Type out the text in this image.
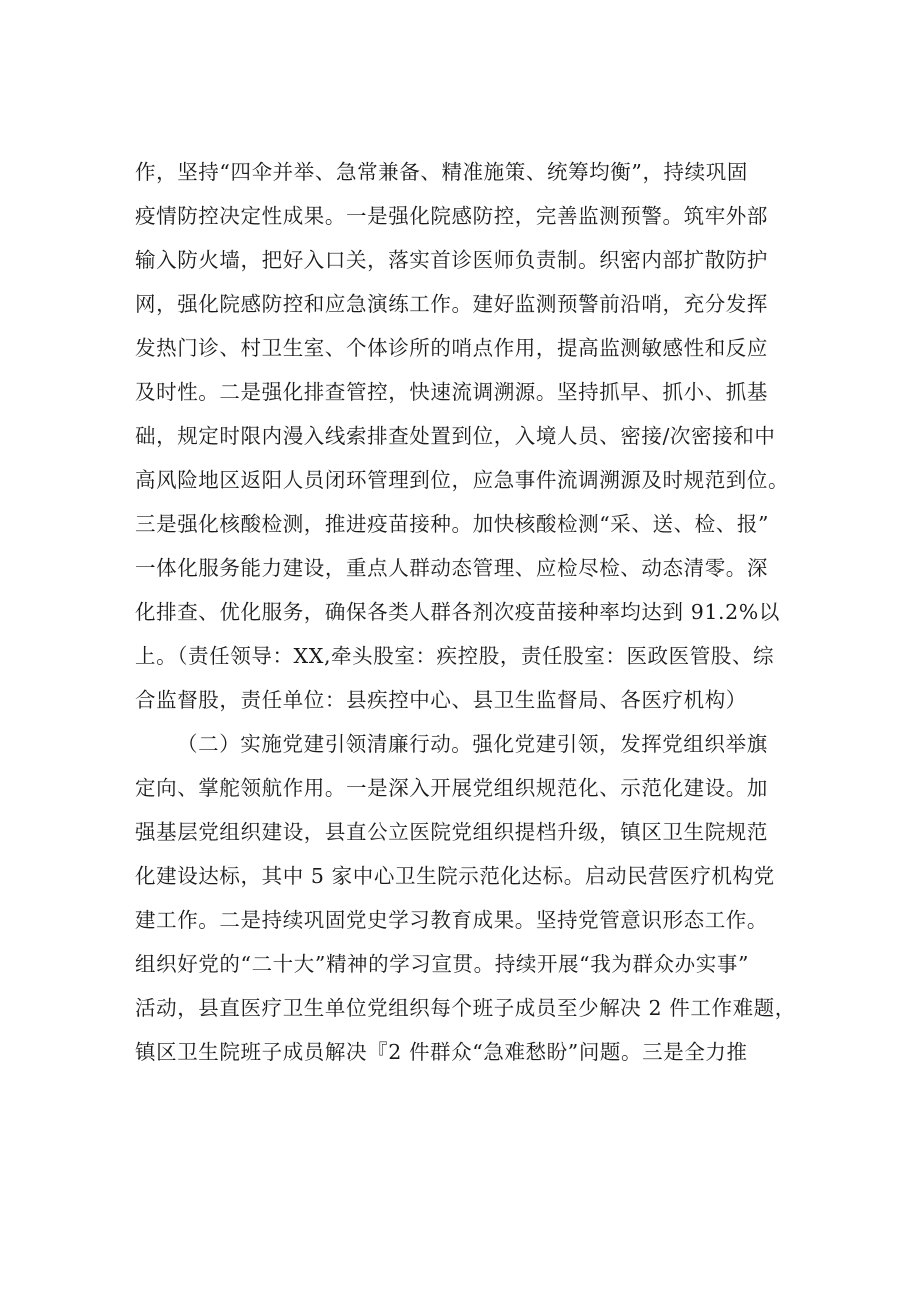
作，坚持“四伞并举、急常兼备、精准施策、统筹均衡”，持续巩固
疫情防控决定性成果。一是强化院感防控，完善监测预警。筑牢外部
输入防火墙，把好入口关，落实首诊医师负责制。织密内部扩散防护
网，强化院感防控和应急演练工作。建好监测预警前沿哨，充分发挥
发热门诊、村卫生室、个体诊所的哨点作用，提高监测敏感性和反应
及时性。二是强化排查管控，快速流调溯源。坚持抓早、抓小、抓基
础，规定时限内漫入线索排查处置到位，入境人员、密接/次密接和中
高风险地区返阳人员闭环管理到位，应急事件流调溯源及时规范到位。
三是强化核酸检测，推进疫苗接种。加快核酸检测“采、送、检、报”
一体化服务能力建设，重点人群动态管理、应检尽检、动态清零。深
化排查、优化服务，确保各类人群各剂次疫苗接种率均达到 91.2%以
上。（责任领导：XX,牵头股室：疾控股，责任股室：医政医管股、综
合监督股，责任单位：县疾控中心、县卫生监督局、各医疗机构）
（二）实施党建引领清廉行动。强化党建引领，发挥党组织举旗
定向、掌舵领航作用。一是深入开展党组织规范化、示范化建设。加
强基层党组织建设，县直公立医院党组织提档升级，镇区卫生院规范
化建设达标，其中 5 家中心卫生院示范化达标。启动民营医疗机构党
建工作。二是持续巩固党史学习教育成果。坚持党管意识形态工作。
组织好党的“二十大”精神的学习宣贯。持续开展“我为群众办实事”
活动，县直医疗卫生单位党组织每个班子成员至少解决 2 件工作难题，
镇区卫生院班子成员解决『2 件群众“急难愁盼”问题。三是全力推
